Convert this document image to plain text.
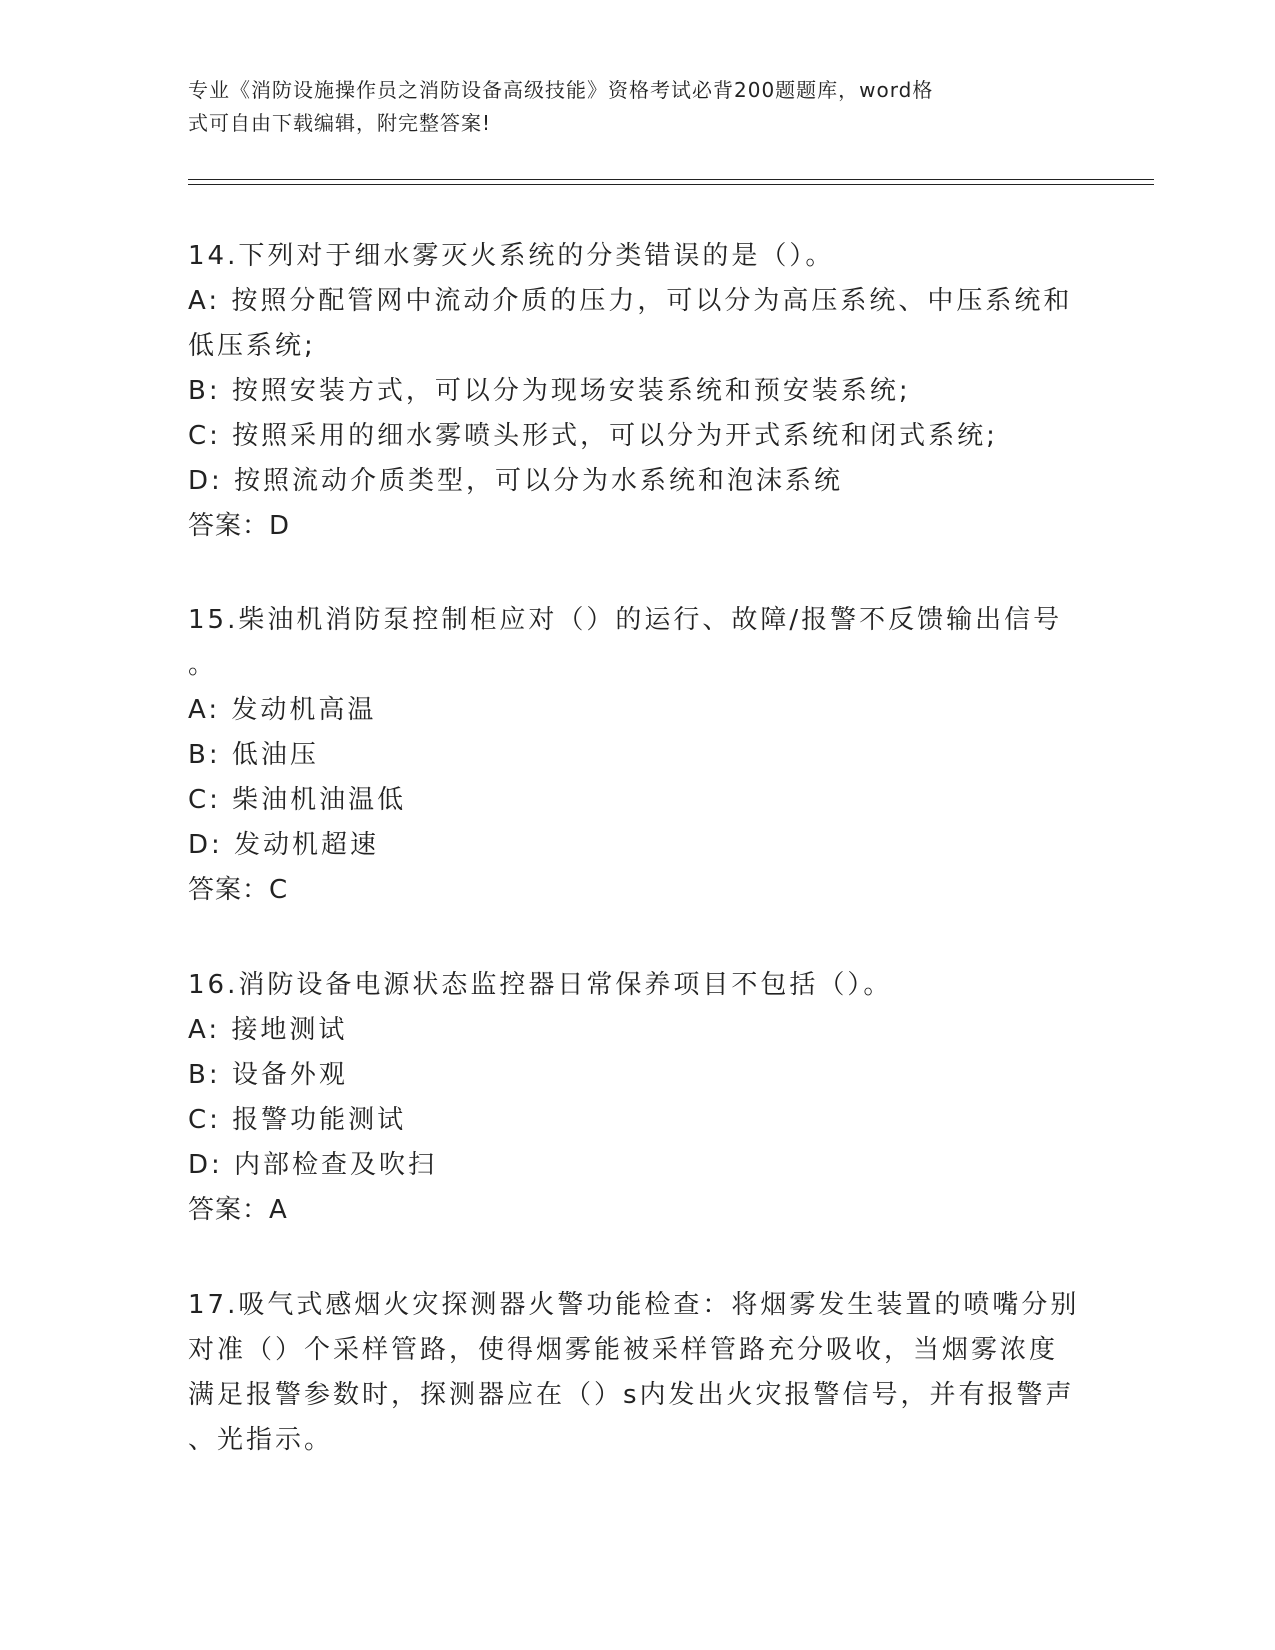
专业《消防设施操作员之消防设备高级技能》资格考试必背200题题库，word格
式可自由下载编辑，附完整答案!
14.下列对于细水雾灭火系统的分类错误的是（）。
A: 按照分配管网中流动介质的压力，可以分为高压系统、中压系统和
低压系统;
B: 按照安装方式，可以分为现场安装系统和预安装系统;
C: 按照采用的细水雾喷头形式，可以分为开式系统和闭式系统;
D: 按照流动介质类型，可以分为水系统和泡沫系统
答案：D
15.柴油机消防泵控制柜应对（）的运行、故障/报警不反馈输出信号
。
A: 发动机高温
B: 低油压
C: 柴油机油温低
D: 发动机超速
答案：C
16.消防设备电源状态监控器日常保养项目不包括（）。
A: 接地测试
B: 设备外观
C: 报警功能测试
D: 内部检查及吹扫
答案：A
17.吸气式感烟火灾探测器火警功能检查：将烟雾发生装置的喷嘴分别
对准（）个采样管路，使得烟雾能被采样管路充分吸收，当烟雾浓度
满足报警参数时，探测器应在（）s内发出火灾报警信号，并有报警声
、光指示。
